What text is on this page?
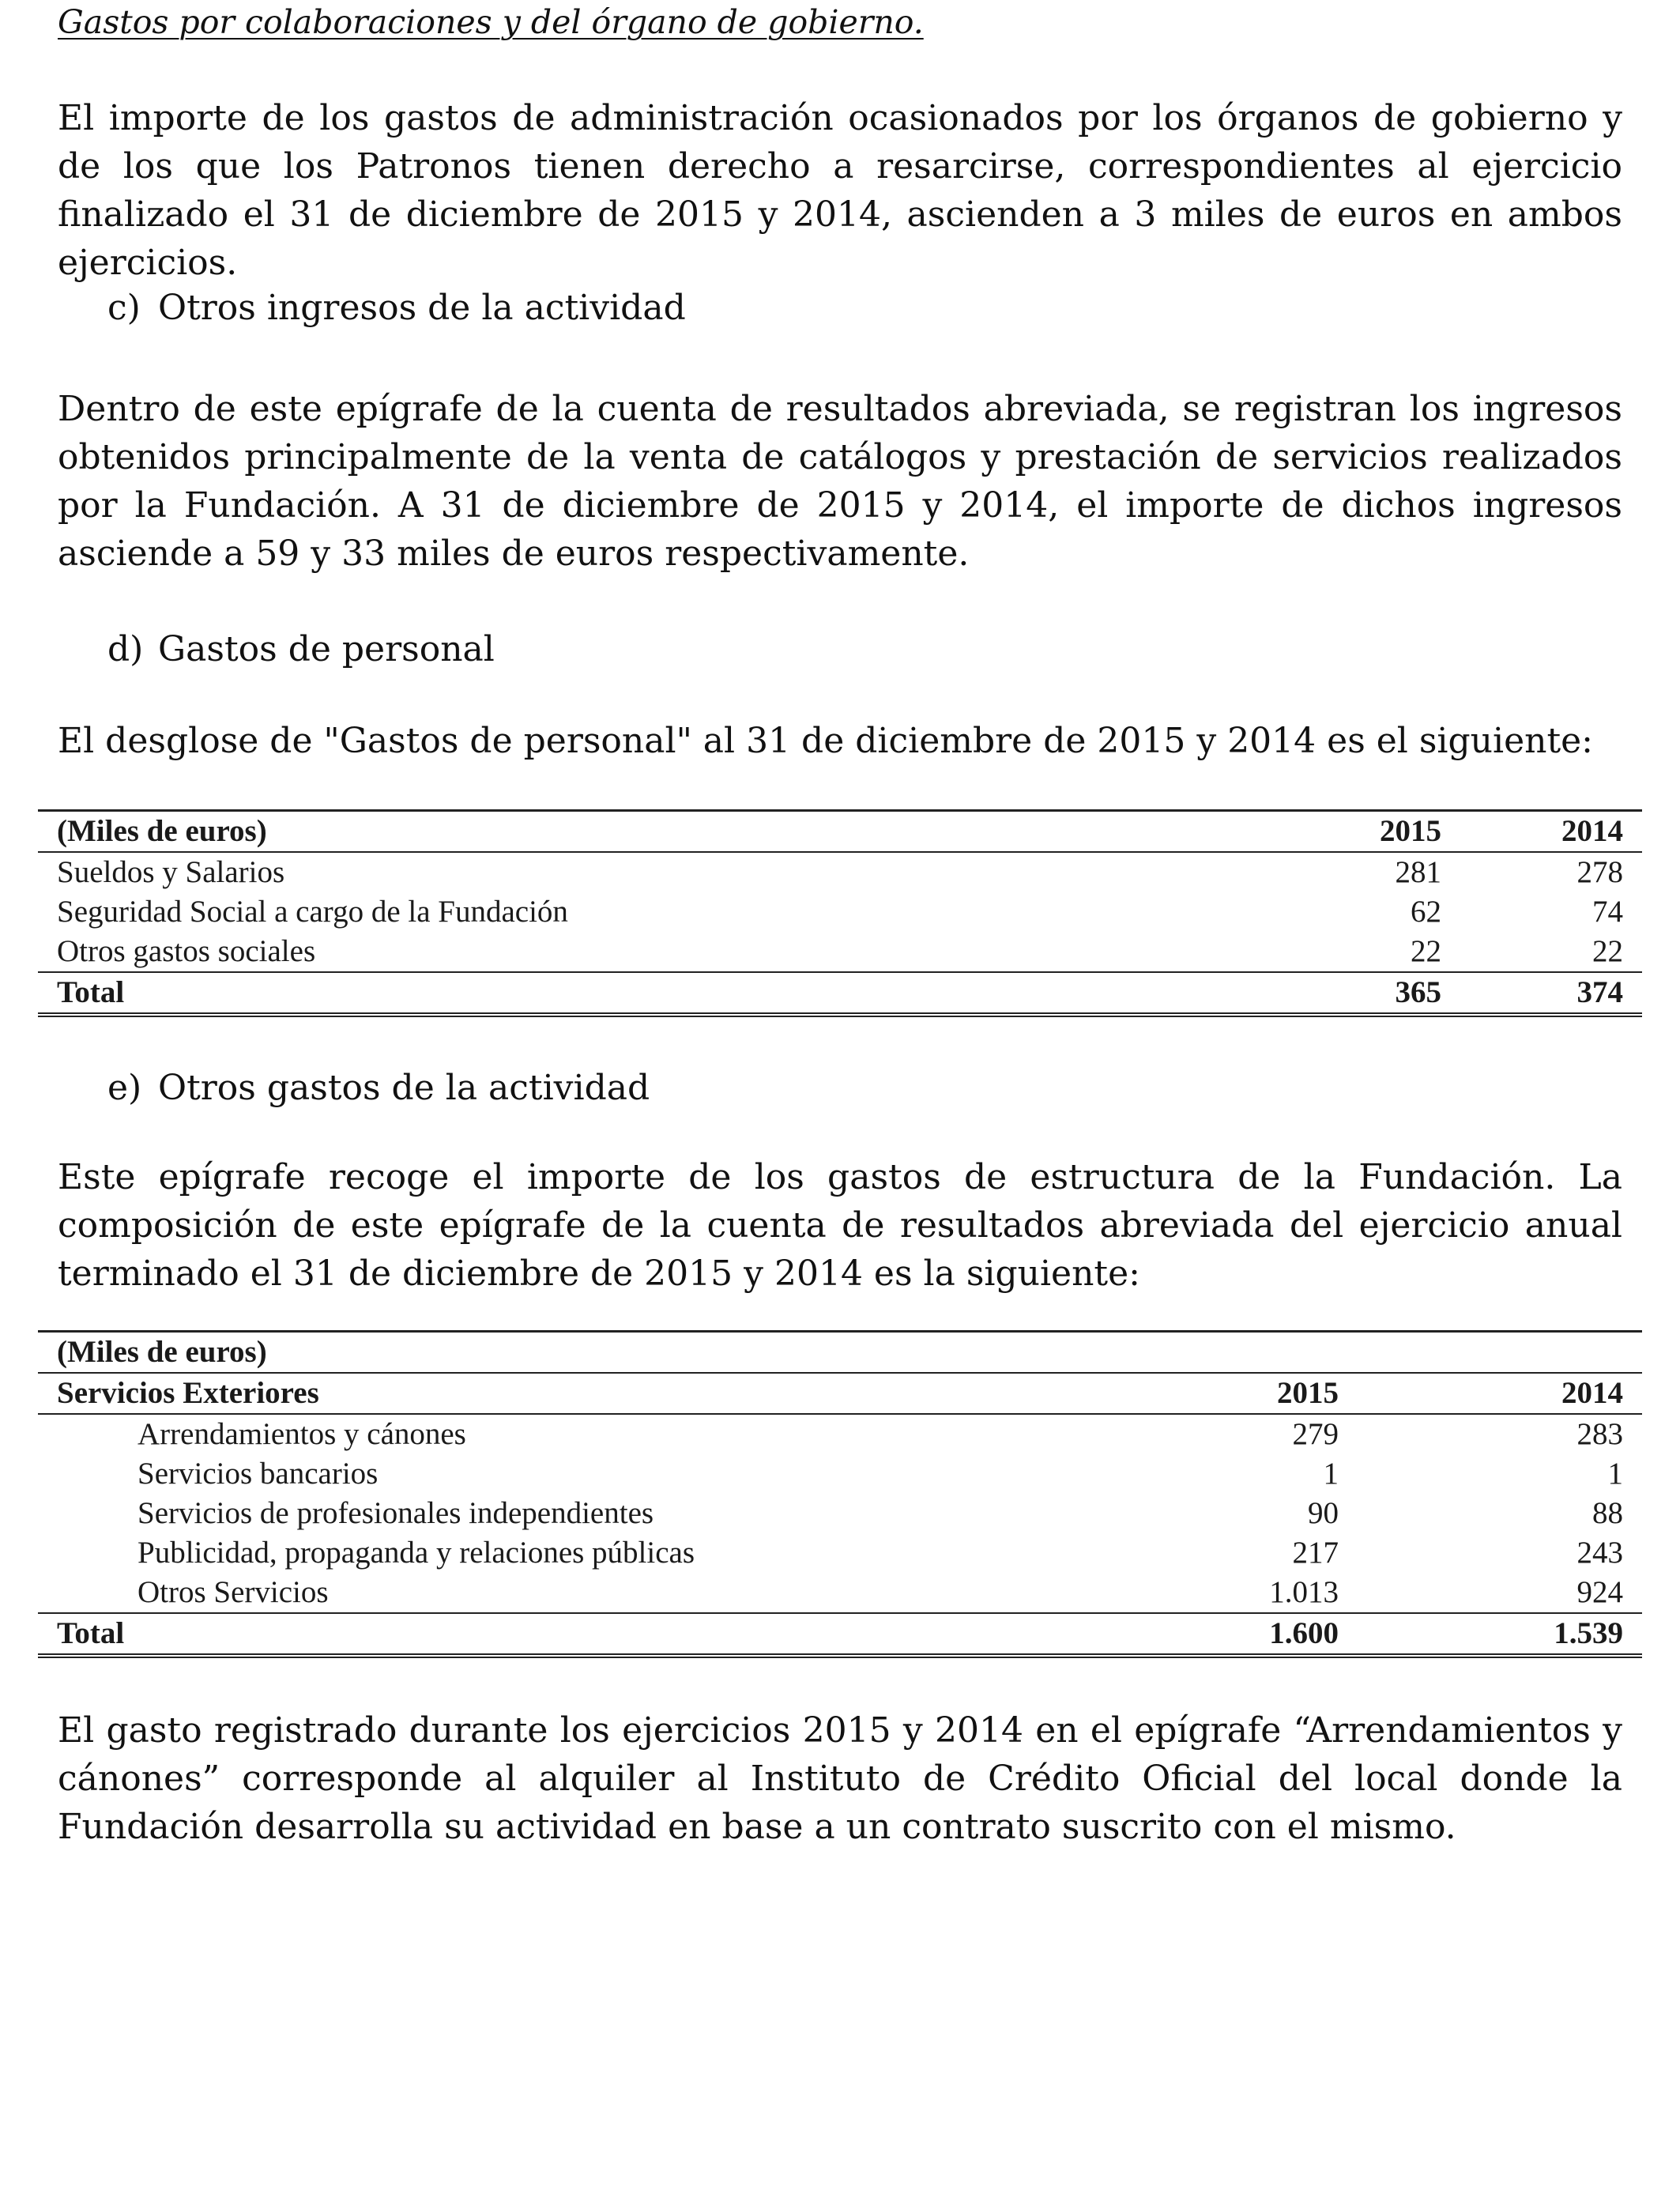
Gastos por colaboraciones y del órgano de gobierno.

El importe de los gastos de administración ocasionados por los órganos de gobierno y de los que los Patronos tienen derecho a resarcirse, correspondientes al ejercicio finalizado el 31 de diciembre de 2015 y 2014, ascienden a 3 miles de euros en ambos ejercicios.

c) Otros ingresos de la actividad

Dentro de este epígrafe de la cuenta de resultados abreviada, se registran los ingresos obtenidos principalmente de la venta de catálogos y prestación de servicios realizados por la Fundación. A 31 de diciembre de 2015 y 2014, el importe de dichos ingresos asciende a 59 y 33 miles de euros respectivamente.

d) Gastos de personal

El desglose de "Gastos de personal" al 31 de diciembre de 2015 y 2014 es el siguiente:

(Miles de euros)	2015	2014
Sueldos y Salarios	281	278
Seguridad Social a cargo de la Fundación	62	74
Otros gastos sociales	22	22
Total	365	374
e) Otros gastos de la actividad

Este epígrafe recoge el importe de los gastos de estructura de la Fundación. La composición de este epígrafe de la cuenta de resultados abreviada del ejercicio anual terminado el 31 de diciembre de 2015 y 2014 es la siguiente:

(Miles de euros)		
Servicios Exteriores	2015	2014
Arrendamientos y cánones	279	283
Servicios bancarios	1	1
Servicios de profesionales independientes	90	88
Publicidad, propaganda y relaciones públicas	217	243
Otros Servicios	1.013	924
Total	1.600	1.539

El gasto registrado durante los ejercicios 2015 y 2014 en el epígrafe “Arrendamientos y cánones” corresponde al alquiler al Instituto de Crédito Oficial del local donde la Fundación desarrolla su actividad en base a un contrato suscrito con el mismo.
